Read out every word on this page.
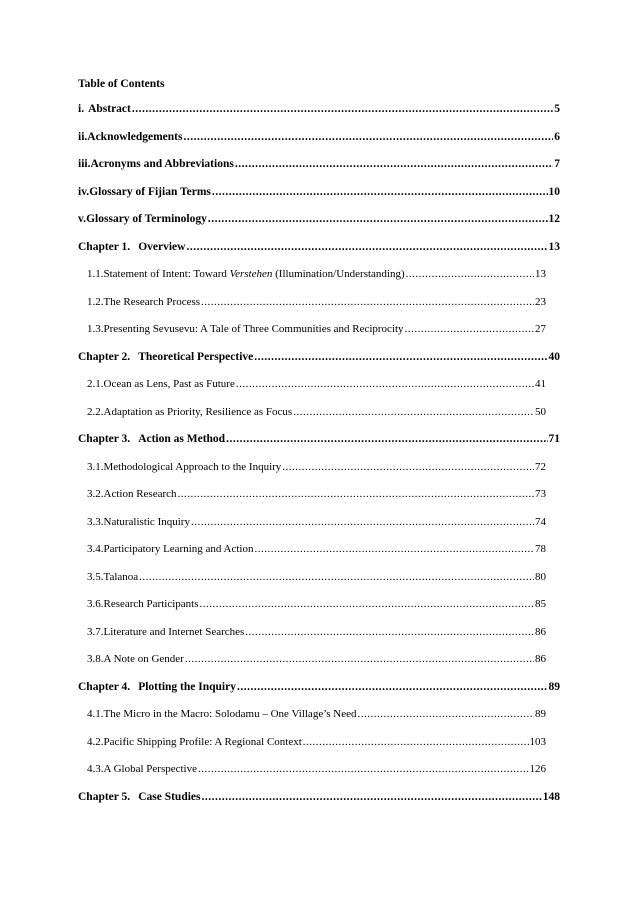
Table of Contents
i. Abstract .....	5
ii. Acknowledgements .....	6
iii. Acronyms and Abbreviations .....	7
iv. Glossary of Fijian Terms .....	10
v. Glossary of Terminology .....	12
Chapter 1. Overview .....	13
1.1. Statement of Intent: Toward Verstehen (Illumination/Understanding) .....	13
1.2. The Research Process .....	23
1.3. Presenting Sevusevu: A Tale of Three Communities and Reciprocity .....	27
Chapter 2. Theoretical Perspective .....	40
2.1. Ocean as Lens, Past as Future .....	41
2.2. Adaptation as Priority, Resilience as Focus .....	50
Chapter 3. Action as Method .....	71
3.1. Methodological Approach to the Inquiry .....	72
3.2. Action Research .....	73
3.3. Naturalistic Inquiry .....	74
3.4. Participatory Learning and Action .....	78
3.5. Talanoa .....	80
3.6. Research Participants .....	85
3.7. Literature and Internet Searches .....	86
3.8. A Note on Gender .....	86
Chapter 4. Plotting the Inquiry .....	89
4.1. The Micro in the Macro: Solodamu – One Village’s Need .....	89
4.2. Pacific Shipping Profile: A Regional Context .....	103
4.3. A Global Perspective .....	126
Chapter 5. Case Studies .....	148
